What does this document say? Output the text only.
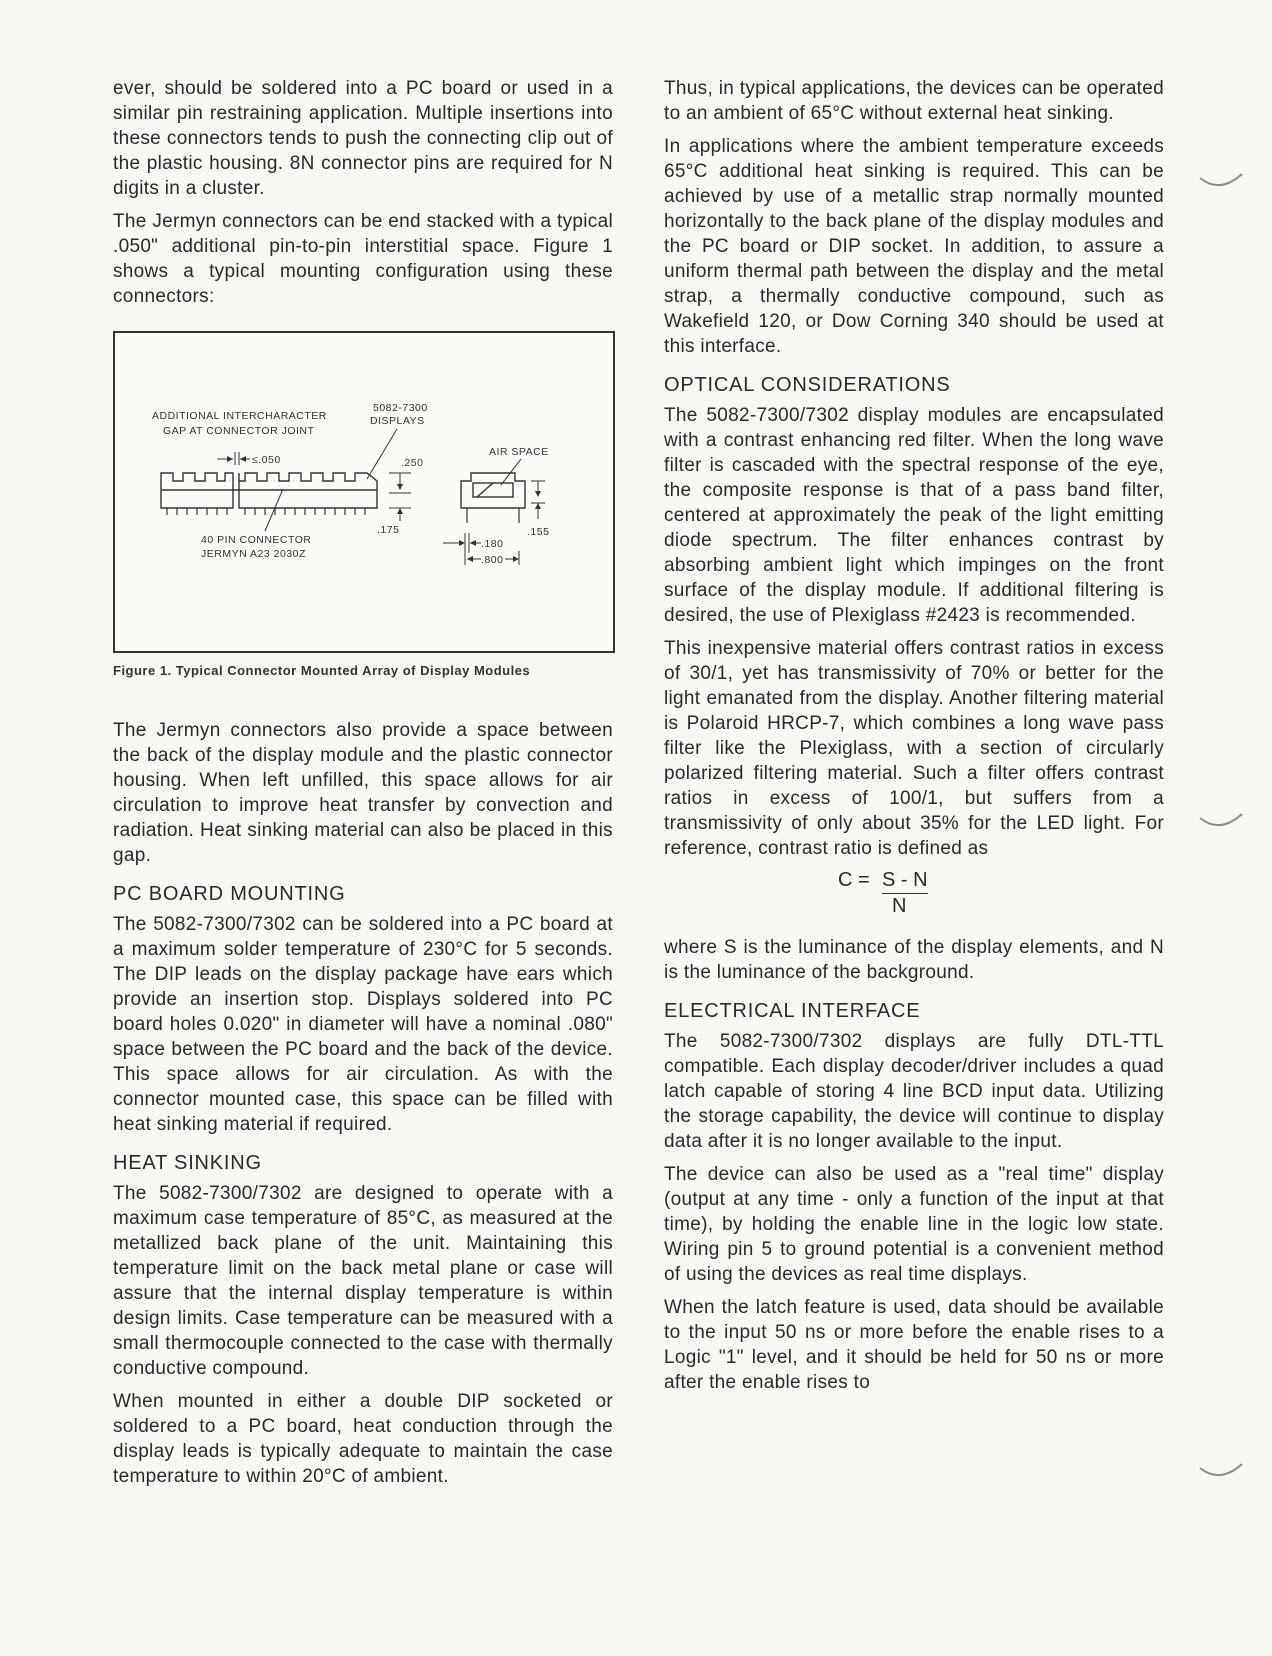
ever, should be soldered into a PC board or used in a similar pin restraining application. Multiple insertions into these connectors tends to push the connecting clip out of the plastic housing. 8N connector pins are required for N digits in a cluster.

The Jermyn connectors can be end stacked with a typical .050" additional pin-to-pin interstitial space. Figure 1 shows a typical mounting configuration using these connectors:

ADDITIONAL INTERCHARACTER
GAP AT CONNECTOR JOINT
5082-7300
DISPLAYS
≤.050	.250
.175
40 PIN CONNECTOR
JERMYN A23 2030Z
AIR SPACE
.155
.180
.800
Figure 1. Typical Connector Mounted Array of Display Modules

The Jermyn connectors also provide a space between the back of the display module and the plastic connector housing. When left unfilled, this space allows for air circulation to improve heat transfer by convection and radiation. Heat sinking material can also be placed in this gap.

PC BOARD MOUNTING

The 5082-7300/7302 can be soldered into a PC board at a maximum solder temperature of 230°C for 5 seconds. The DIP leads on the display package have ears which provide an insertion stop. Displays soldered into PC board holes 0.020" in diameter will have a nominal .080" space between the PC board and the back of the device. This space allows for air circulation. As with the connector mounted case, this space can be filled with heat sinking material if required.

HEAT SINKING

The 5082-7300/7302 are designed to operate with a maximum case temperature of 85°C, as measured at the metallized back plane of the unit. Maintaining this temperature limit on the back metal plane or case will assure that the internal display temperature is within design limits. Case temperature can be measured with a small thermocouple connected to the case with thermally conductive compound.

When mounted in either a double DIP socketed or soldered to a PC board, heat conduction through the display leads is typically adequate to maintain the case temperature to within 20°C of ambient.

Thus, in typical applications, the devices can be operated to an ambient of 65°C without external heat sinking.

In applications where the ambient temperature exceeds 65°C additional heat sinking is required. This can be achieved by use of a metallic strap normally mounted horizontally to the back plane of the display modules and the PC board or DIP socket. In addition, to assure a uniform thermal path between the display and the metal strap, a thermally conductive compound, such as Wakefield 120, or Dow Corning 340 should be used at this interface.

OPTICAL CONSIDERATIONS

The 5082-7300/7302 display modules are encapsulated with a contrast enhancing red filter. When the long wave filter is cascaded with the spectral response of the eye, the composite response is that of a pass band filter, centered at approximately the peak of the light emitting diode spectrum. The filter enhances contrast by absorbing ambient light which impinges on the front surface of the display module. If additional filtering is desired, the use of Plexiglass #2423 is recommended.

This inexpensive material offers contrast ratios in excess of 30/1, yet has transmissivity of 70% or better for the light emanated from the display. Another filtering material is Polaroid HRCP-7, which combines a long wave pass filter like the Plexiglass, with a section of circularly polarized filtering material. Such a filter offers contrast ratios in excess of 100/1, but suffers from a transmissivity of only about 35% for the LED light. For reference, contrast ratio is defined as

C = S - N
N

where S is the luminance of the display elements, and N is the luminance of the background.

ELECTRICAL INTERFACE

The 5082-7300/7302 displays are fully DTL-TTL compatible. Each display decoder/driver includes a quad latch capable of storing 4 line BCD input data. Utilizing the storage capability, the device will continue to display data after it is no longer available to the input.

The device can also be used as a "real time" display (output at any time - only a function of the input at that time), by holding the enable line in the logic low state. Wiring pin 5 to ground potential is a convenient method of using the devices as real time displays.

When the latch feature is used, data should be available to the input 50 ns or more before the enable rises to a Logic "1" level, and it should be held for 50 ns or more after the enable rises to
